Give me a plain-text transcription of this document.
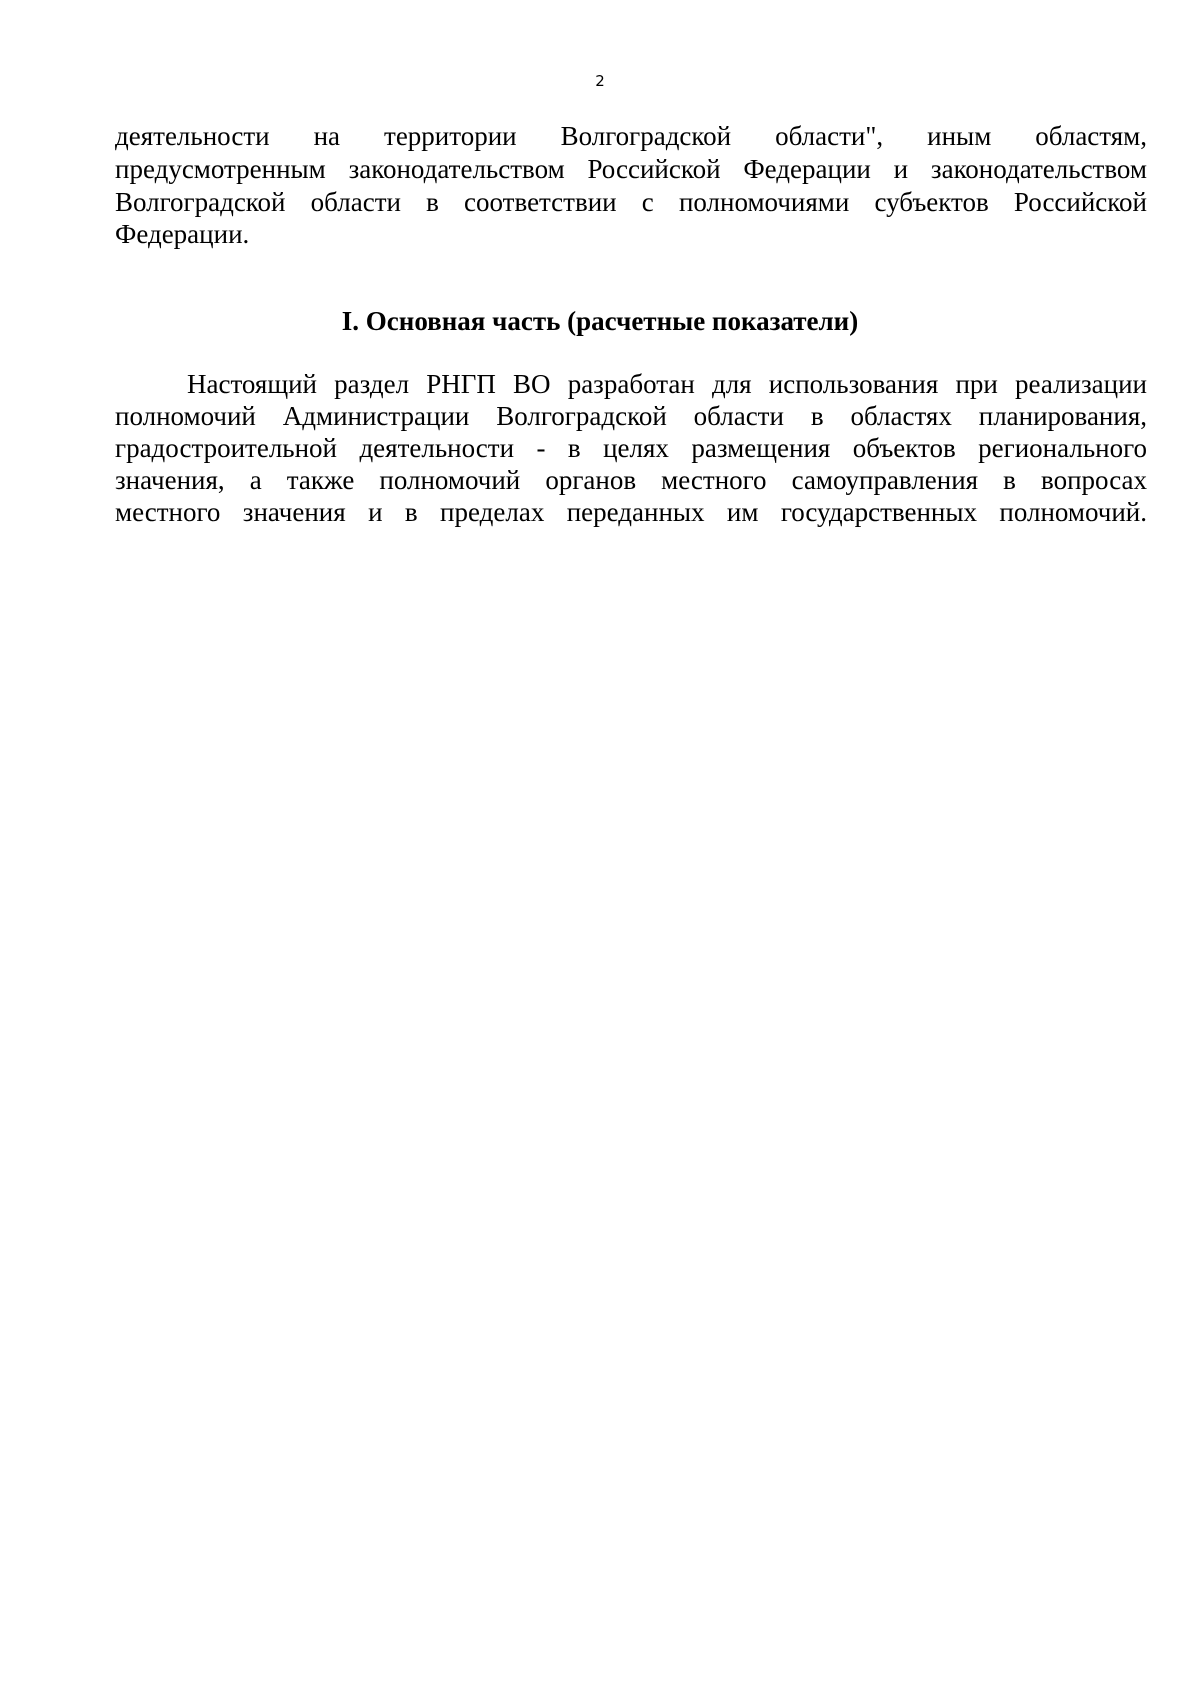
2
деятельности на территории Волгоградской области", иным областям,
предусмотренным законодательством Российской Федерации и законодательством
Волгоградской области в соответствии с полномочиями субъектов Российской
Федерации.
I. Основная часть (расчетные показатели)
Настоящий раздел РНГП ВО разработан для использования при реализации
полномочий Администрации Волгоградской области в областях планирования,
градостроительной деятельности - в целях размещения объектов регионального
значения, а также полномочий органов местного самоуправления в вопросах
местного значения и в пределах переданных им государственных полномочий.
